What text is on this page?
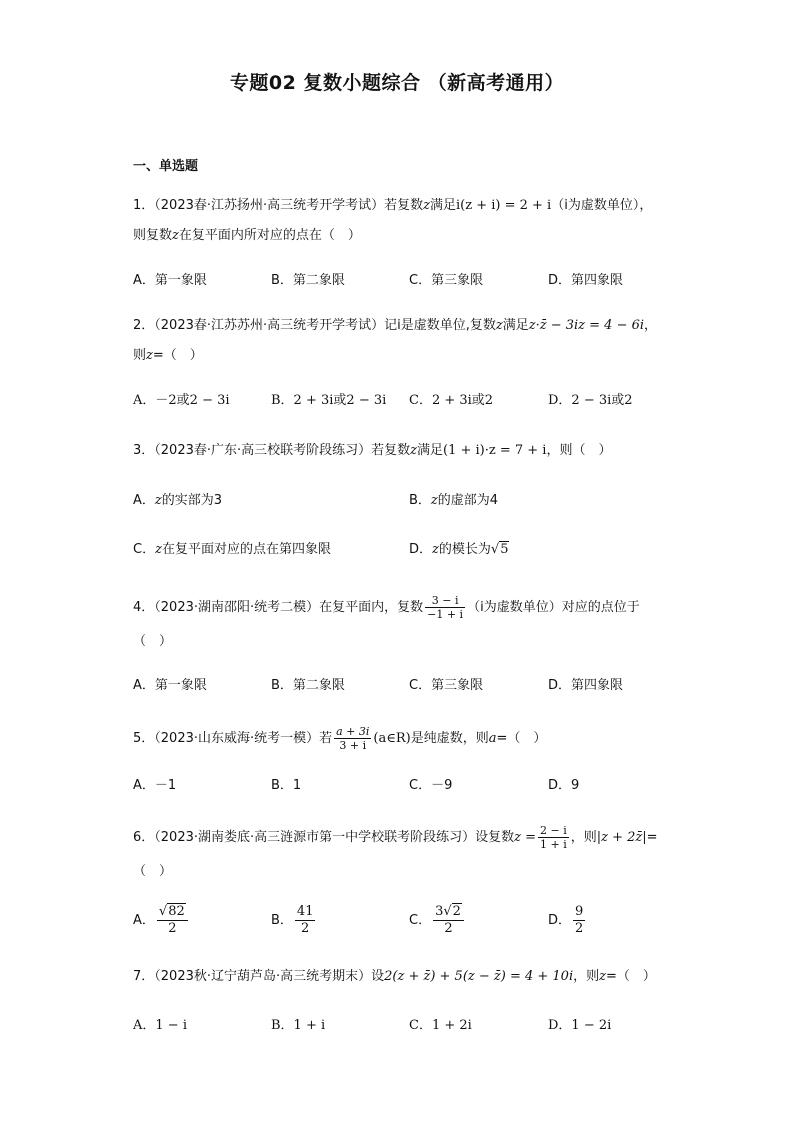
专题02 复数小题综合 （新高考通用）
一、单选题
1．（2023春·江苏扬州·高三统考开学考试）若复数z满足i(z + i) = 2 + i（i为虚数单位），
则复数z在复平面内所对应的点在（　）
A．第一象限	B．第二象限	C．第三象限	D．第四象限
2．（2023春·江苏苏州·高三统考开学考试）记i是虚数单位,复数z满足z·z̄ − 3iz = 4 − 6i，
则z=（　）
A．－2或2 − 3i	B．2 + 3i或2 − 3i C．2 + 3i或2	D．2 − 3i或2
3．（2023春·广东·高三校联考阶段练习）若复数z满足(1 + i)·z = 7 + i，则（　）
A．z的实部为3	B．z的虚部为4
C．z在复平面对应的点在第四象限	D．z的模长为√5
4．（2023·湖南邵阳·统考二模）在复平面内，复数 $\frac{3 - i}{-1 + i} (i$为虚数单位）对应的点位于
（　）
A．第一象限	B．第二象限	C．第三象限	D．第四象限
5．（2023·山东威海·统考一模）若 $\frac{a + 3i}{3 + i}$ (a∈R)是纯虚数，则a=（　）
A．－1	B．1	C．－9	D．9
6．（2023·湖南娄底·高三涟源市第一中学校联考阶段练习）设复数$z = \frac{2 - i}{1 + i}$ ，则|z + 2z̄|=
（　）
A． $\frac{√82}{2}$	B． $\frac{41}{2}$	C． $\frac{3√2}{2}$	D． $\frac{9}{2}$
7．（2023秋·辽宁葫芦岛·高三统考期末）设2(z + z̄) + 5(z − z̄) = 4 + 10i，则z=（　）
A．1 − i	B．1 + i	C．1 + 2i	D．1 − 2i
